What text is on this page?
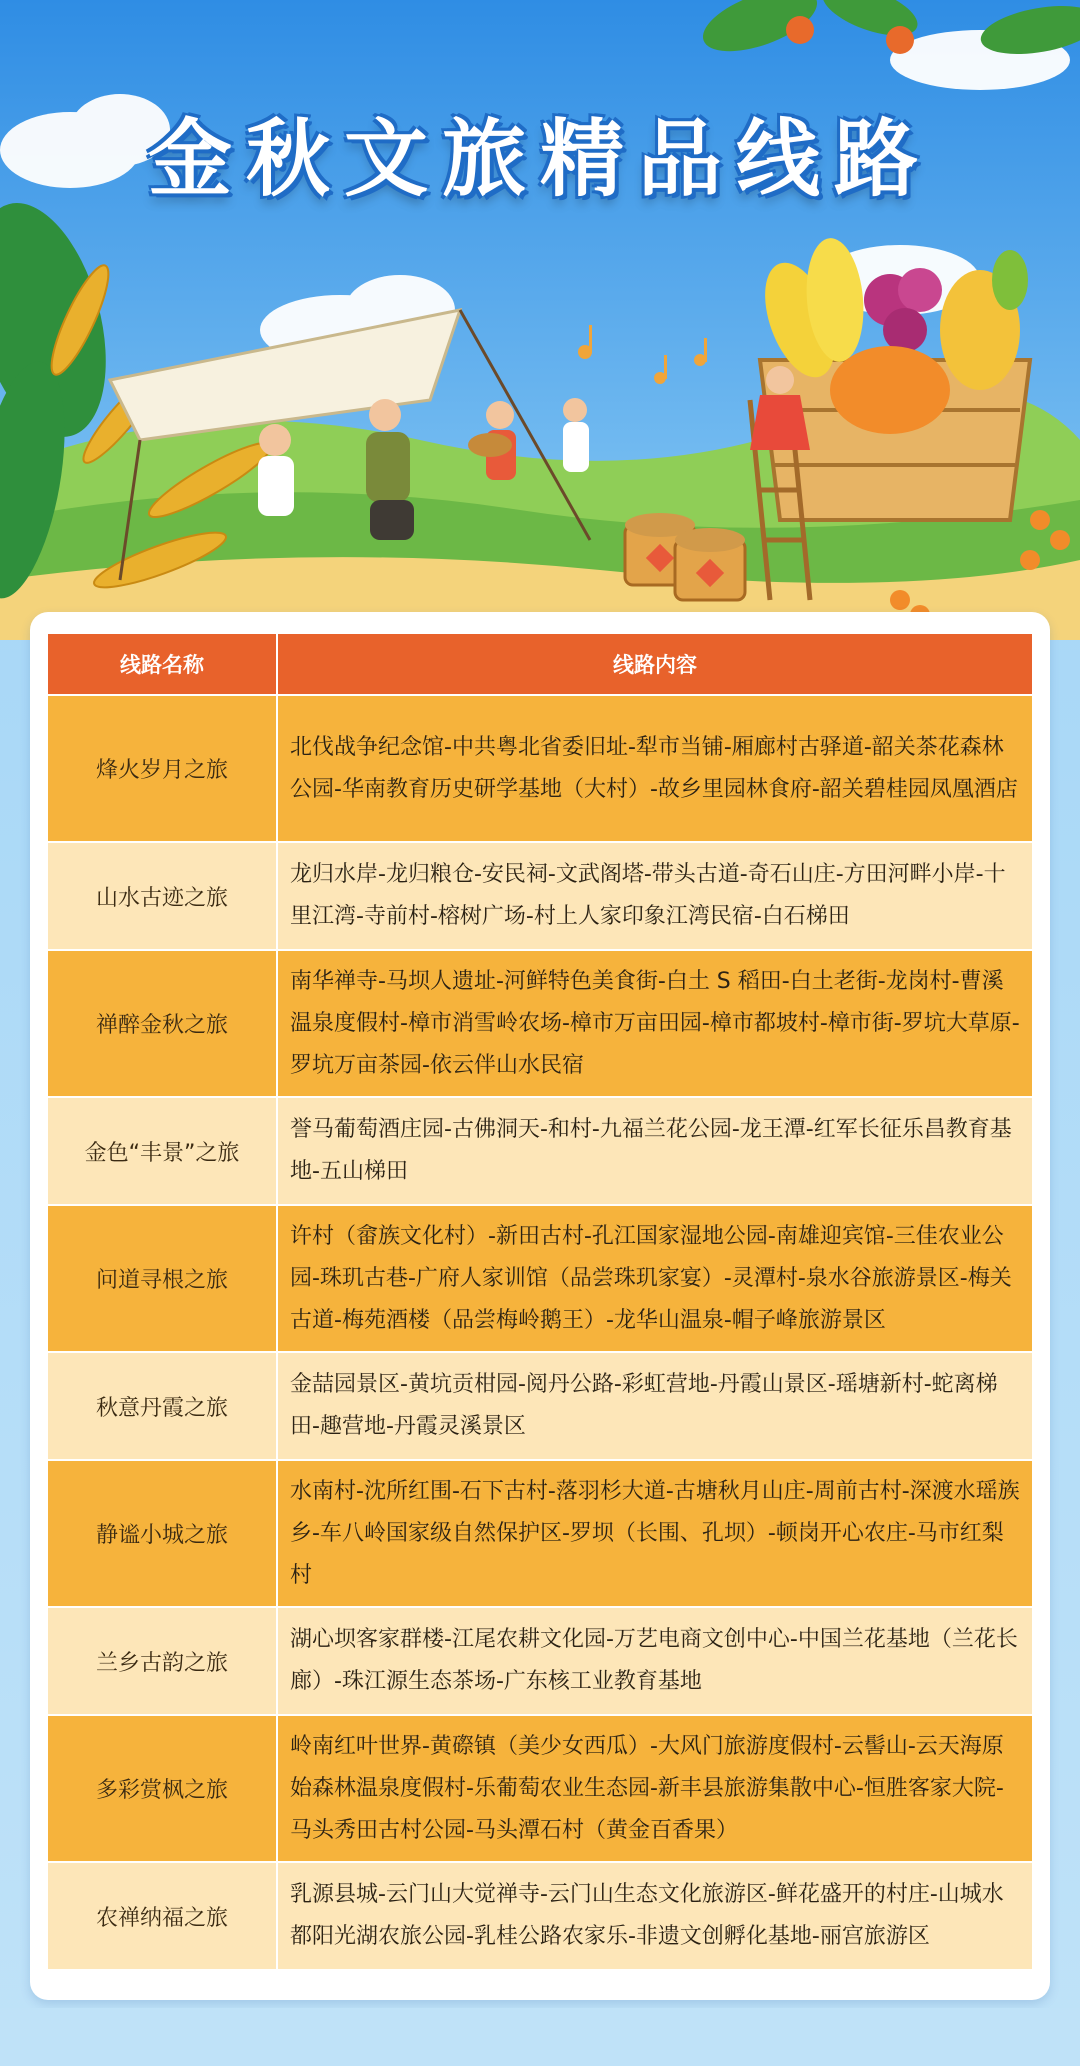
金秋文旅精品线路
线路名称	线路内容
烽火岁月之旅	北伐战争纪念馆-中共粤北省委旧址-犁市当铺-厢廊村古驿道-韶关茶花森林公园-华南教育历史研学基地（大村）-故乡里园林食府-韶关碧桂园凤凰酒店
山水古迹之旅	龙归水岸-龙归粮仓-安民祠-文武阁塔-带头古道-奇石山庄-方田河畔小岸-十里江湾-寺前村-榕树广场-村上人家印象江湾民宿-白石梯田
禅醉金秋之旅	南华禅寺-马坝人遗址-河鲜特色美食街-白土 S 稻田-白土老街-龙岗村-曹溪温泉度假村-樟市消雪岭农场-樟市万亩田园-樟市都坡村-樟市街-罗坑大草原-罗坑万亩茶园-依云伴山水民宿
金色“丰景”之旅	誉马葡萄酒庄园-古佛洞天-和村-九福兰花公园-龙王潭-红军长征乐昌教育基地-五山梯田
问道寻根之旅	许村（畲族文化村）-新田古村-孔江国家湿地公园-南雄迎宾馆-三佳农业公园-珠玑古巷-广府人家训馆（品尝珠玑家宴）-灵潭村-泉水谷旅游景区-梅关古道-梅苑酒楼（品尝梅岭鹅王）-龙华山温泉-帽子峰旅游景区
秋意丹霞之旅	金喆园景区-黄坑贡柑园-阅丹公路-彩虹营地-丹霞山景区-瑶塘新村-蛇离梯田-趣营地-丹霞灵溪景区
静谧小城之旅	水南村-沈所红围-石下古村-落羽杉大道-古塘秋月山庄-周前古村-深渡水瑶族乡-车八岭国家级自然保护区-罗坝（长围、孔坝）-顿岗开心农庄-马市红梨村
兰乡古韵之旅	湖心坝客家群楼-江尾农耕文化园-万艺电商文创中心-中国兰花基地（兰花长廊）-珠江源生态茶场-广东核工业教育基地
多彩赏枫之旅	岭南红叶世界-黄磜镇（美少女西瓜）-大风门旅游度假村-云髻山-云天海原始森林温泉度假村-乐葡萄农业生态园-新丰县旅游集散中心-恒胜客家大院-马头秀田古村公园-马头潭石村（黄金百香果）
农禅纳福之旅	乳源县城-云门山大觉禅寺-云门山生态文化旅游区-鲜花盛开的村庄-山城水都阳光湖农旅公园-乳桂公路农家乐-非遗文创孵化基地-丽宫旅游区
